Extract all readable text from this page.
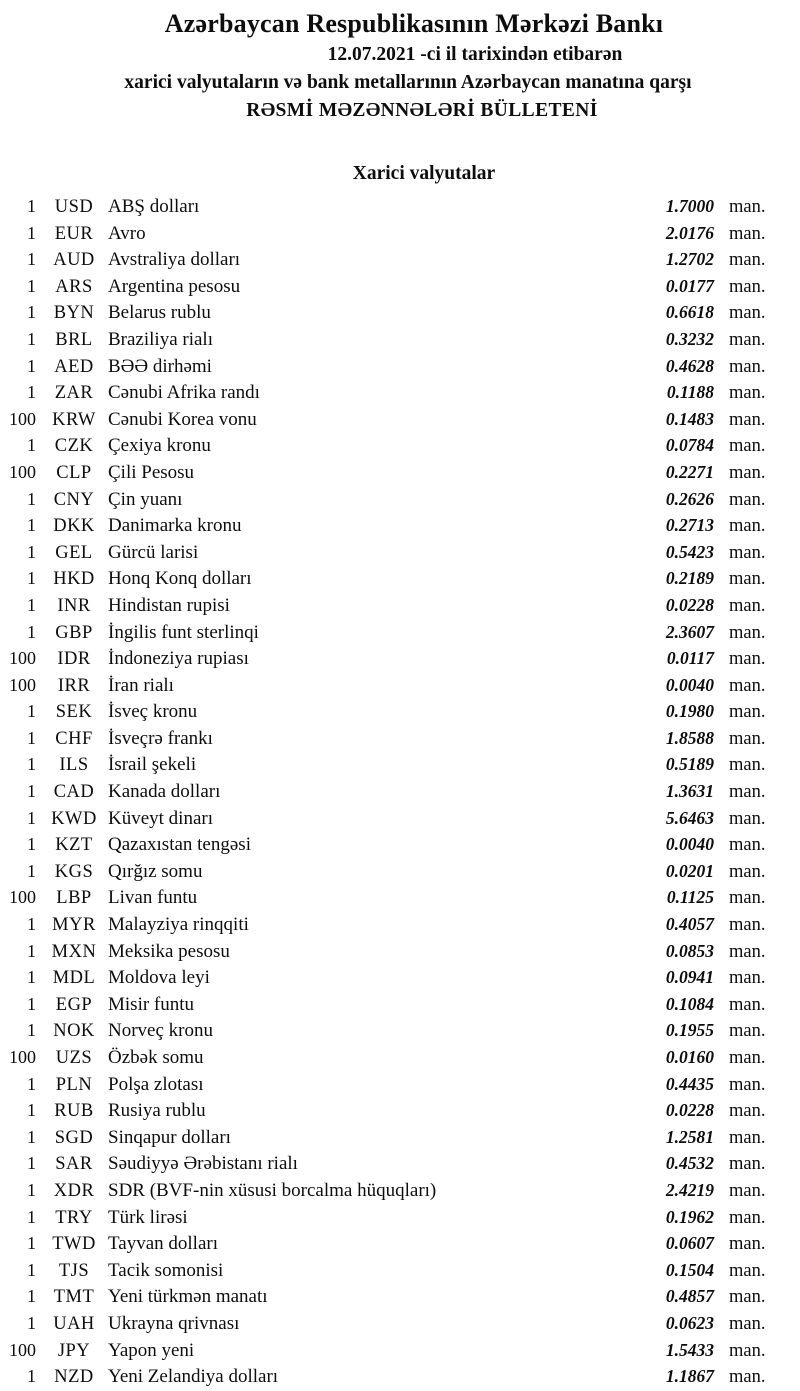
Azərbaycan Respublikasının Mərkəzi Bankı
12.07.2021 -ci il tarixindən etibarən
xarici valyutaların və bank metallarının Azərbaycan manatına qarşı
RƏSMİ MƏZƏNNƏLƏRİ BÜLLETENİ
Xarici valyutalar
1	USD ABŞ dolları	1.7000 man.
1	EUR Avro	2.0176 man.
1 AUD Avstraliya dolları	1.2702 man.
1	ARS Argentina pesosu	0.0177 man.
1 BYN Belarus rublu	0.6618 man.
1	BRL Braziliya rialı	0.3232 man.
1 AED BƏƏ dirhəmi	0.4628 man.
1	ZAR Cənubi Afrika randı	0.1188 man.
100 KRW Cənubi Korea vonu	0.1483 man.
1	CZK Çexiya kronu	0.0784 man.
100	CLP Çili Pesosu	0.2271 man.
1 CNY Çin yuanı	0.2626 man.
1 DKK Danimarka kronu	0.2713 man.
1	GEL Gürcü larisi	0.5423 man.
1 HKD Honq Konq dolları	0.2189 man.
1	INR Hindistan rupisi	0.0228 man.
1	GBP İngilis funt sterlinqi	2.3607 man.
100	IDR İndoneziya rupiası	0.0117 man.
100	IRR İran rialı	0.0040 man.
1	SEK İsveç kronu	0.1980 man.
1	CHF İsveçrə frankı	1.8588 man.
1	ILS	İsrail şekeli	0.5189 man.
1 CAD Kanada dolları	1.3631 man.
1 KWD Küveyt dinarı	5.6463 man.
1	KZT Qazaxıstan tengəsi	0.0040 man.
1	KGS Qırğız somu	0.0201 man.
100	LBP Livan funtu	0.1125 man.
1 MYR Malayziya rinqqiti	0.4057 man.
1 MXN Meksika pesosu	0.0853 man.
1 MDL Moldova leyi	0.0941 man.
1	EGP Misir funtu	0.1084 man.
1 NOK Norveç kronu	0.1955 man.
100	UZS Özbək somu	0.0160 man.
1	PLN Polşa zlotası	0.4435 man.
1 RUB Rusiya rublu	0.0228 man.
1	SGD Sinqapur dolları	1.2581 man.
1	SAR Səudiyyə Ərəbistanı rialı	0.4532 man.
1 XDR SDR (BVF-nin xüsusi borcalma hüquqları)	2.4219 man.
1	TRY Türk lirəsi	0.1962 man.
1 TWD Tayvan dolları	0.0607 man.
1	TJS Tacik somonisi	0.1504 man.
1 TMT Yeni türkmən manatı	0.4857 man.
1 UAH Ukrayna qrivnası	0.0623 man.
100	JPY Yapon yeni	1.5433 man.
1 NZD Yeni Zelandiya dolları	1.1867 man.
